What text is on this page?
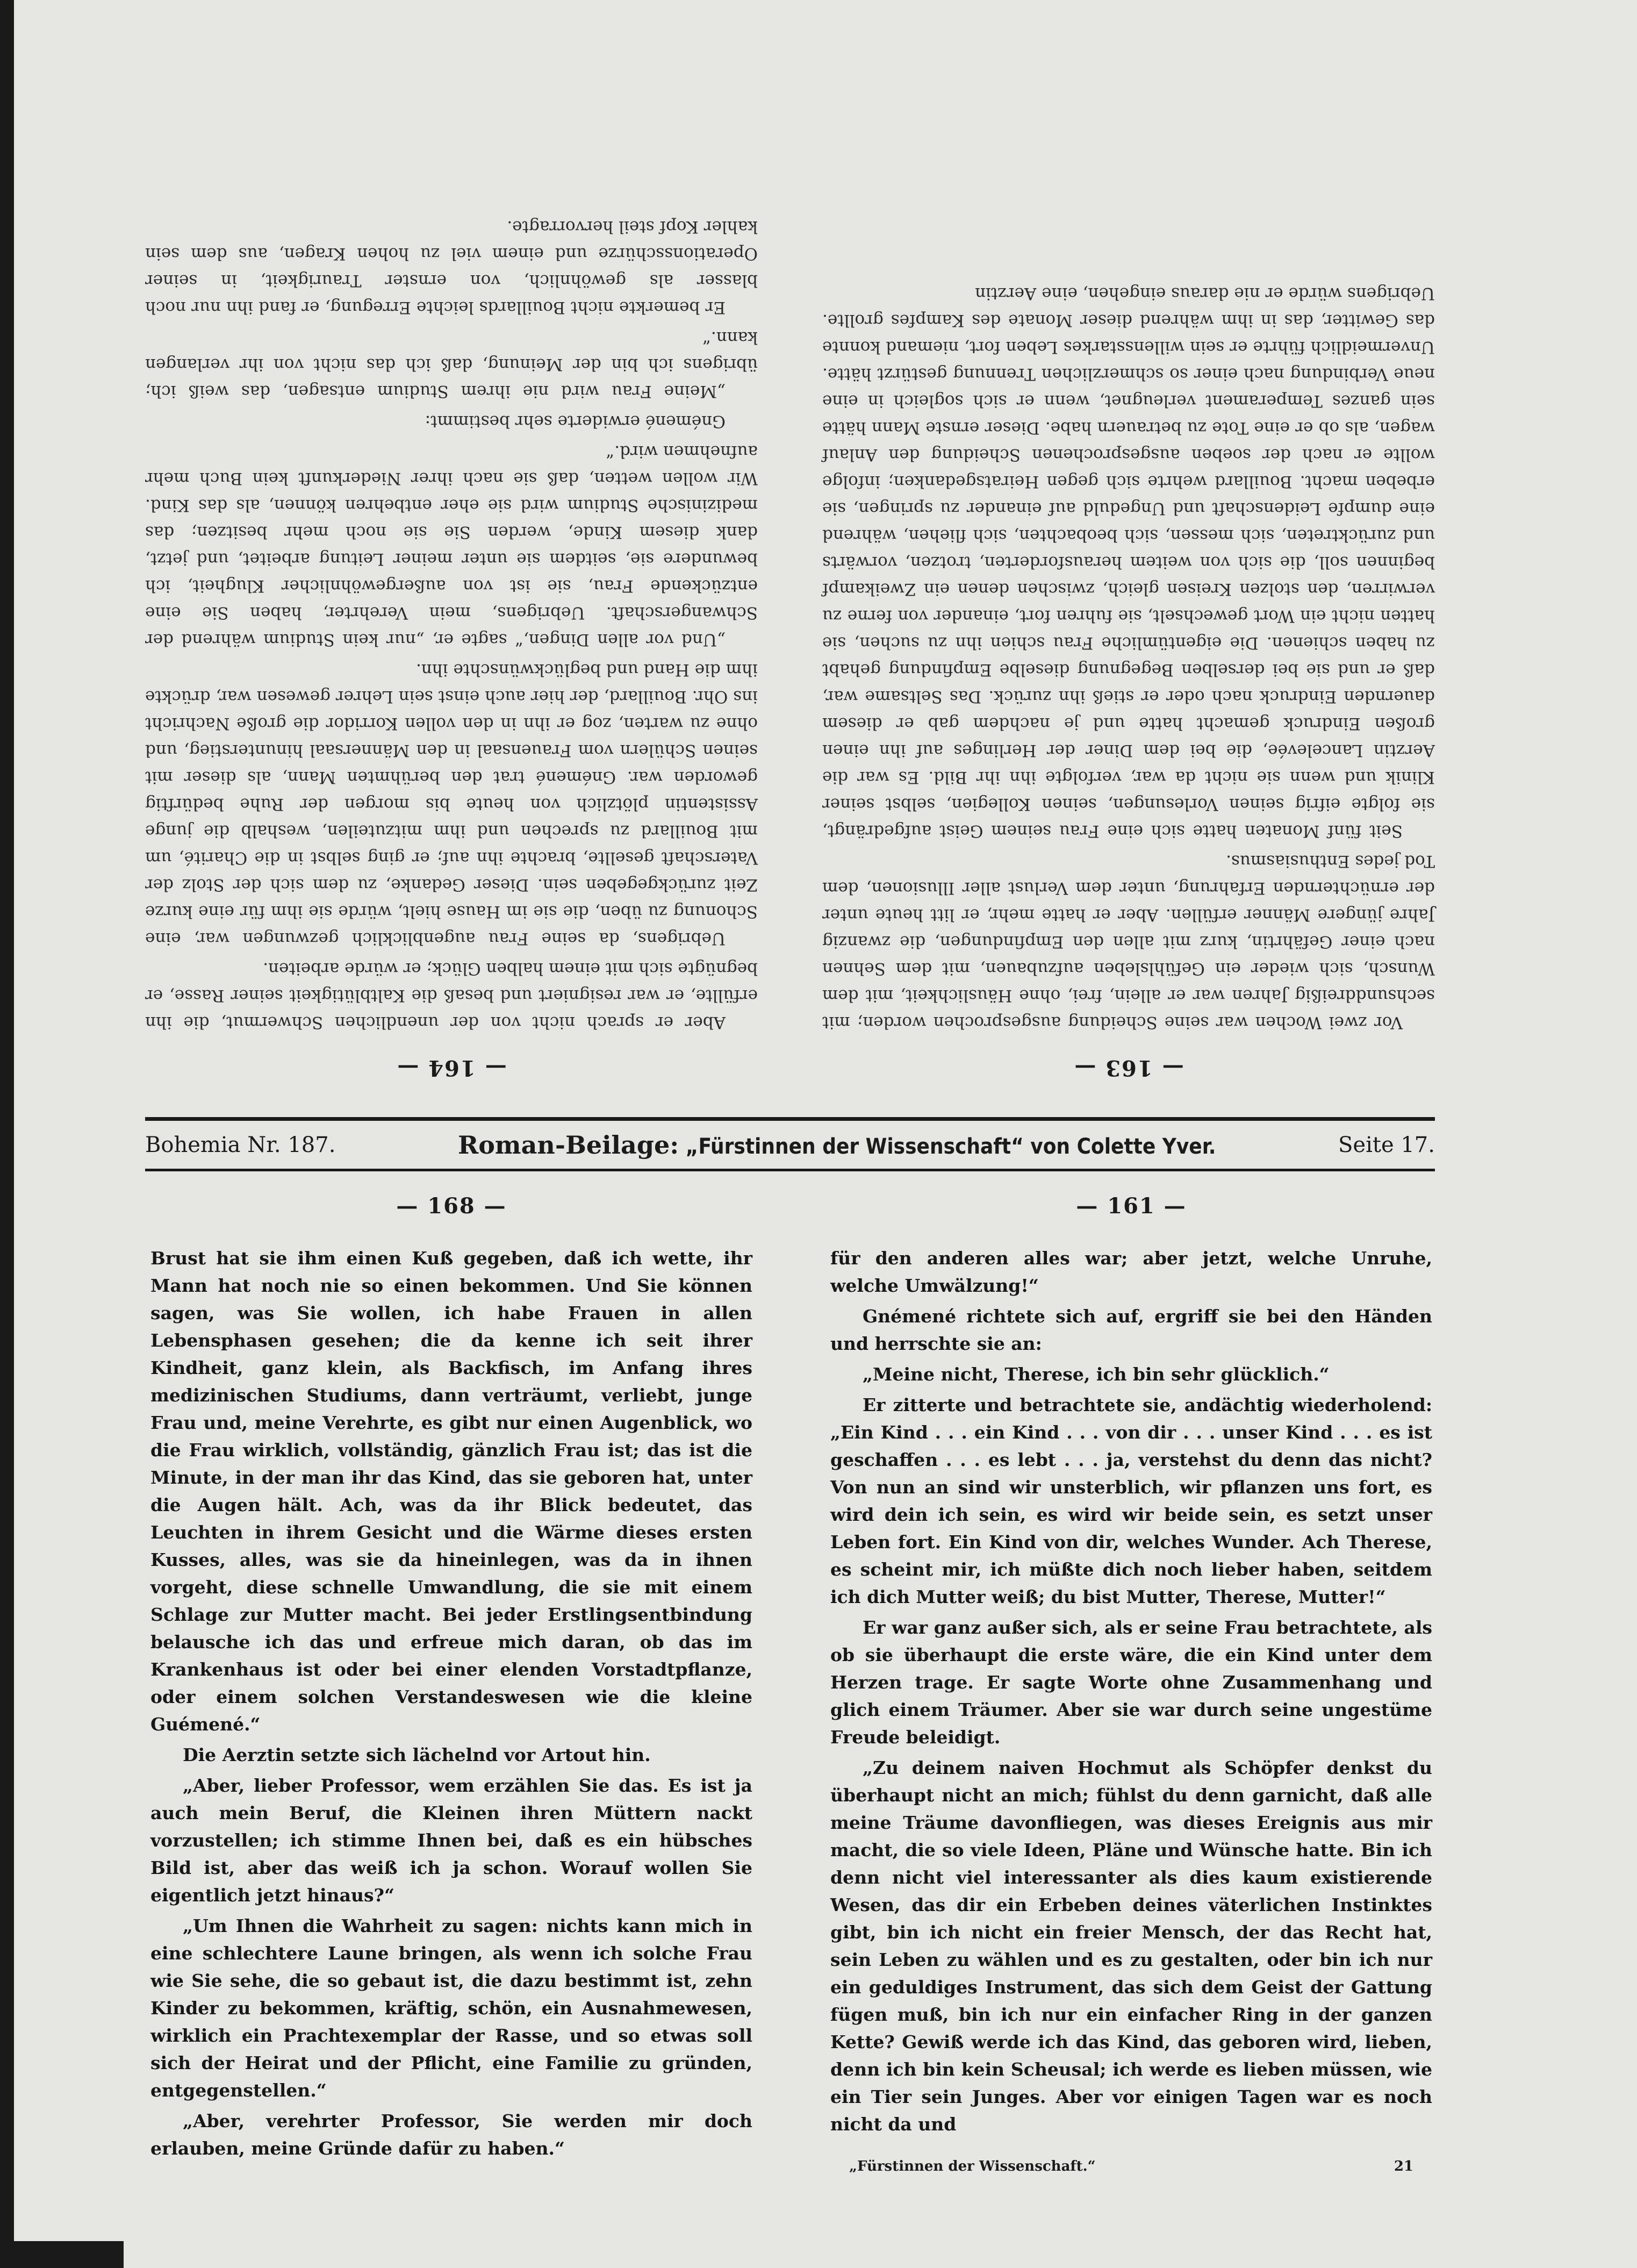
— 163 —

Vor zwei Wochen war seine Scheidung ausgesprochen worden; mit sechsunddreißig Jahren war er allein, frei, ohne Häuslichkeit, mit dem Wunsch, sich wieder ein Gefühlsleben aufzubauen, mit dem Sehnen nach einer Gefährtin, kurz mit allen den Empfindungen, die zwanzig Jahre jüngere Männer erfüllen. Aber er hatte mehr, er litt heute unter der ernüchternden Erfahrung, unter dem Verlust aller Illusionen, dem Tod jedes Enthusiasmus.

Seit fünf Monaten hatte sich eine Frau seinem Geist aufgedrängt, sie folgte eifrig seinen Vorlesungen, seinen Kollegien, selbst seiner Klinik und wenn sie nicht da war, verfolgte ihn ihr Bild. Es war die Aerztin Lancelevée, die bei dem Diner der Herlinges auf ihn einen großen Eindruck gemacht hatte und je nachdem gab er diesem dauernden Eindruck nach oder er stieß ihn zurück. Das Seltsame war, daß er und sie bei derselben Begegnung dieselbe Empfindung gehabt zu haben schienen. Die eigentümliche Frau schien ihn zu suchen, sie hatten nicht ein Wort gewechselt, sie fuhren fort, einander von ferne zu verwirren, den stolzen Kreisen gleich, zwischen denen ein Zweikampf beginnen soll, die sich von weitem herausforderten, trotzen, vorwärts und zurücktreten, sich messen, sich beobachten, sich fliehen, während eine dumpfe Leidenschaft und Ungeduld auf einander zu springen, sie erbeben macht. Bouillard wehrte sich gegen Heiratsgedanken; infolge wollte er nach der soeben ausgesprochenen Scheidung den Anlauf wagen, als ob er eine Tote zu betrauern habe. Dieser ernste Mann hätte sein ganzes Temperament verleugnet, wenn er sich sogleich in eine neue Verbindung nach einer so schmerzlichen Trennung gestürzt hätte. Unvermeidlich führte er sein willensstarkes Leben fort, niemand konnte das Gewitter, das in ihm während dieser Monate des Kampfes grollte. Uebrigens würde er nie daraus eingehen, eine Aerztin

— 164 —

Aber er sprach nicht von der unendlichen Schwermut, die ihn erfüllte, er war resigniert und besaß die Kaltblütigkeit seiner Rasse, er begnügte sich mit einem halben Glück; er würde arbeiten.

Uebrigens, da seine Frau augenblicklich gezwungen war, eine Schonung zu üben, die sie im Hause hielt, würde sie ihm für eine kurze Zeit zurückgegeben sein. Dieser Gedanke, zu dem sich der Stolz der Vaterschaft gesellte, brachte ihn auf; er ging selbst in die Charité, um mit Bouillard zu sprechen und ihm mitzuteilen, weshalb die junge Assistentin plötzlich von heute bis morgen der Ruhe bedürftig geworden war. Gnémené trat den berühmten Mann, als dieser mit seinen Schülern vom Frauensaal in den Männersaal hinunterstieg, und ohne zu warten, zog er ihn in den vollen Korridor die große Nachricht ins Ohr. Bouillard, der hier auch einst sein Lehrer gewesen war, drückte ihm die Hand und beglückwünschte ihn.

„Und vor allen Dingen,“ sagte er, „nur kein Studium während der Schwangerschaft. Uebrigens, mein Verehrter, haben Sie eine entzückende Frau, sie ist von außergewöhnlicher Klugheit, ich bewundere sie, seitdem sie unter meiner Leitung arbeitet, und jetzt, dank diesem Kinde, werden Sie sie noch mehr besitzen; das medizinische Studium wird sie eher entbehren können, als das Kind. Wir wollen wetten, daß sie nach ihrer Niederkunft kein Buch mehr aufnehmen wird.“

Gnémené erwiderte sehr bestimmt:

„Meine Frau wird nie ihrem Studium entsagen, das weiß ich; übrigens ich bin der Meinung, daß ich das nicht von ihr verlangen kann.“

Er bemerkte nicht Bouillards leichte Erregung, er fand ihn nur noch blasser als gewöhnlich, von ernster Traurigkeit, in seiner Operationsschürze und einem viel zu hohen Kragen, aus dem sein kahler Kopf steil hervorragte.

Bohemia Nr. 187.	Roman-Beilage: „Fürstinnen der Wissenschaft“ von Colette Yver.	Seite 17.
— 168 —

Brust hat sie ihm einen Kuß gegeben, daß ich wette, ihr Mann hat noch nie so einen bekommen. Und Sie können sagen, was Sie wollen, ich habe Frauen in allen Lebensphasen gesehen; die da kenne ich seit ihrer Kindheit, ganz klein, als Backfisch, im Anfang ihres medizinischen Studiums, dann verträumt, verliebt, junge Frau und, meine Verehrte, es gibt nur einen Augenblick, wo die Frau wirklich, vollständig, gänzlich Frau ist; das ist die Minute, in der man ihr das Kind, das sie geboren hat, unter die Augen hält. Ach, was da ihr Blick bedeutet, das Leuchten in ihrem Gesicht und die Wärme dieses ersten Kusses, alles, was sie da hineinlegen, was da in ihnen vorgeht, diese schnelle Umwandlung, die sie mit einem Schlage zur Mutter macht. Bei jeder Erstlingsentbindung belausche ich das und erfreue mich daran, ob das im Krankenhaus ist oder bei einer elenden Vorstadtpflanze, oder einem solchen Verstandeswesen wie die kleine Guémené.“

Die Aerztin setzte sich lächelnd vor Artout hin.

„Aber, lieber Professor, wem erzählen Sie das. Es ist ja auch mein Beruf, die Kleinen ihren Müttern nackt vorzustellen; ich stimme Ihnen bei, daß es ein hübsches Bild ist, aber das weiß ich ja schon. Worauf wollen Sie eigentlich jetzt hinaus?“

„Um Ihnen die Wahrheit zu sagen: nichts kann mich in eine schlechtere Laune bringen, als wenn ich solche Frau wie Sie sehe, die so gebaut ist, die dazu bestimmt ist, zehn Kinder zu bekommen, kräftig, schön, ein Ausnahmewesen, wirklich ein Prachtexemplar der Rasse, und so etwas soll sich der Heirat und der Pflicht, eine Familie zu gründen, entgegenstellen.“

„Aber, verehrter Professor, Sie werden mir doch erlauben, meine Gründe dafür zu haben.“

— 161 —

für den anderen alles war; aber jetzt, welche Unruhe, welche Umwälzung!“

Gnémené richtete sich auf, ergriff sie bei den Händen und herrschte sie an:

„Meine nicht, Therese, ich bin sehr glücklich.“

Er zitterte und betrachtete sie, andächtig wiederholend: „Ein Kind . . . ein Kind . . . von dir . . . unser Kind . . . es ist geschaffen . . . es lebt . . . ja, verstehst du denn das nicht? Von nun an sind wir unsterblich, wir pflanzen uns fort, es wird dein ich sein, es wird wir beide sein, es setzt unser Leben fort. Ein Kind von dir, welches Wunder. Ach Therese, es scheint mir, ich müßte dich noch lieber haben, seitdem ich dich Mutter weiß; du bist Mutter, Therese, Mutter!“

Er war ganz außer sich, als er seine Frau betrachtete, als ob sie überhaupt die erste wäre, die ein Kind unter dem Herzen trage. Er sagte Worte ohne Zusammenhang und glich einem Träumer. Aber sie war durch seine ungestüme Freude beleidigt.

„Zu deinem naiven Hochmut als Schöpfer denkst du überhaupt nicht an mich; fühlst du denn garnicht, daß alle meine Träume davonfliegen, was dieses Ereignis aus mir macht, die so viele Ideen, Pläne und Wünsche hatte. Bin ich denn nicht viel interessanter als dies kaum existierende Wesen, das dir ein Erbeben deines väterlichen Instinktes gibt, bin ich nicht ein freier Mensch, der das Recht hat, sein Leben zu wählen und es zu gestalten, oder bin ich nur ein geduldiges Instrument, das sich dem Geist der Gattung fügen muß, bin ich nur ein einfacher Ring in der ganzen Kette? Gewiß werde ich das Kind, das geboren wird, lieben, denn ich bin kein Scheusal; ich werde es lieben müssen, wie ein Tier sein Junges. Aber vor einigen Tagen war es noch nicht da und

„Fürstinnen der Wissenschaft.“	21
